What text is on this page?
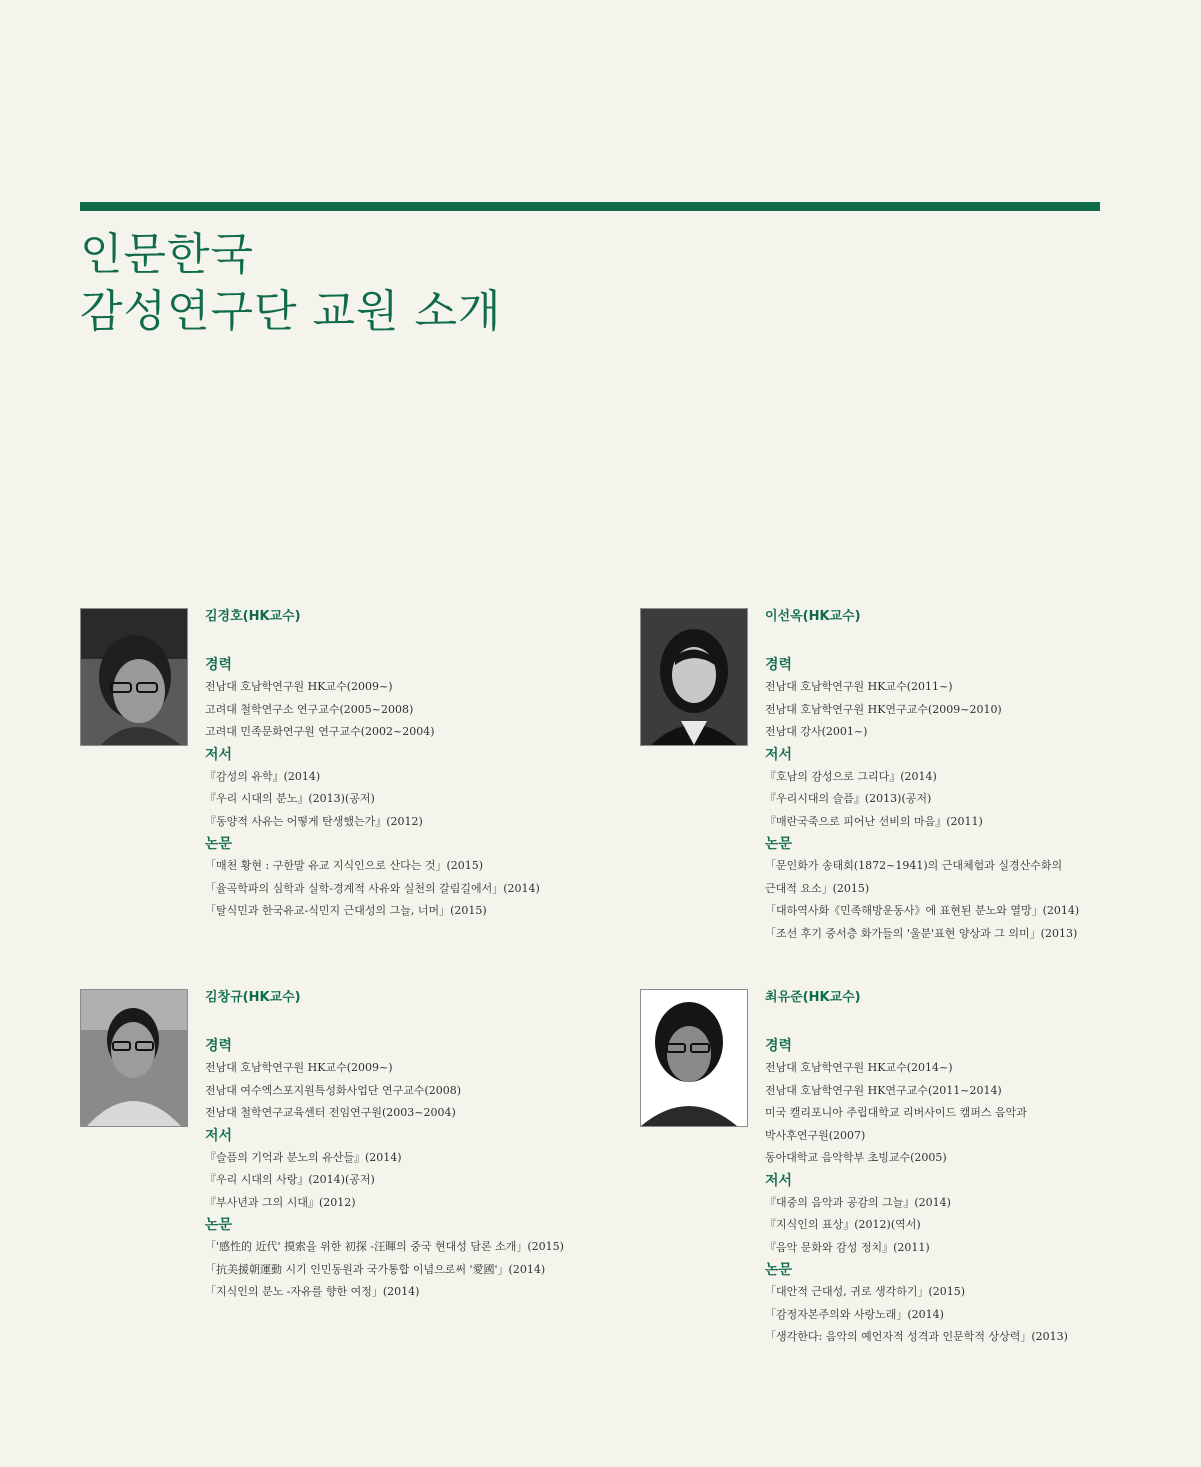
인문한국
감성연구단 교원 소개
김경호(HK교수)
경력
전남대 호남학연구원 HK교수(2009~)
고려대 철학연구소 연구교수(2005~2008)
고려대 민족문화연구원 연구교수(2002~2004)
저서
『감성의 유학』(2014)
『우리 시대의 분노』(2013)(공저)
『동양적 사유는 어떻게 탄생했는가』(2012)
논문
「매천 황현 : 구한말 유교 지식인으로 산다는 것」(2015)
「율곡학파의 심학과 실학-경계적 사유와 실천의 갈림길에서」(2014)
「탈식민과 한국유교-식민지 근대성의 그늘, 너머」(2015)
이선옥(HK교수)
경력
전남대 호남학연구원 HK교수(2011~)
전남대 호남학연구원 HK연구교수(2009~2010)
전남대 강사(2001~)
저서
『호남의 감성으로 그리다』(2014)
『우리시대의 슬픔』(2013)(공저)
『매란국죽으로 피어난 선비의 마음』(2011)
논문
「문인화가 송태회(1872~1941)의 근대체험과 실경산수화의
근대적 요소」(2015)
「대하역사화《민족해방운동사》에 표현된 분노와 열망」(2014)
「조선 후기 중서층 화가들의 '울분'표현 양상과 그 의미」(2013)
김창규(HK교수)
경력
전남대 호남학연구원 HK교수(2009~)
전남대 여수엑스포지원특성화사업단 연구교수(2008)
전남대 철학연구교육센터 전임연구원(2003~2004)
저서
『슬픔의 기억과 분노의 유산들』(2014)
『우리 시대의 사랑』(2014)(공저)
『부사년과 그의 시대』(2012)
논문
「'感性的 近代' 摸索을 위한 初探 -汪暉의 중국 현대성 담론 소개」(2015)
「抗美援朝運動 시기 인민동원과 국가통합 이념으로써 '愛國'」(2014)
「지식인의 분노 -자유를 향한 여정」(2014)
최유준(HK교수)
경력
전남대 호남학연구원 HK교수(2014~)
전남대 호남학연구원 HK연구교수(2011~2014)
미국 캘리포니아 주립대학교 리버사이드 캠퍼스 음악과
박사후연구원(2007)
동아대학교 음악학부 초빙교수(2005)
저서
『대중의 음악과 공감의 그늘』(2014)
『지식인의 표상』(2012)(역서)
『음악 문화와 감성 정치』(2011)
논문
「대안적 근대성, 귀로 생각하기」(2015)
「감정자본주의와 사랑노래」(2014)
「생각한다: 음악의 예언자적 성격과 인문학적 상상력」(2013)
